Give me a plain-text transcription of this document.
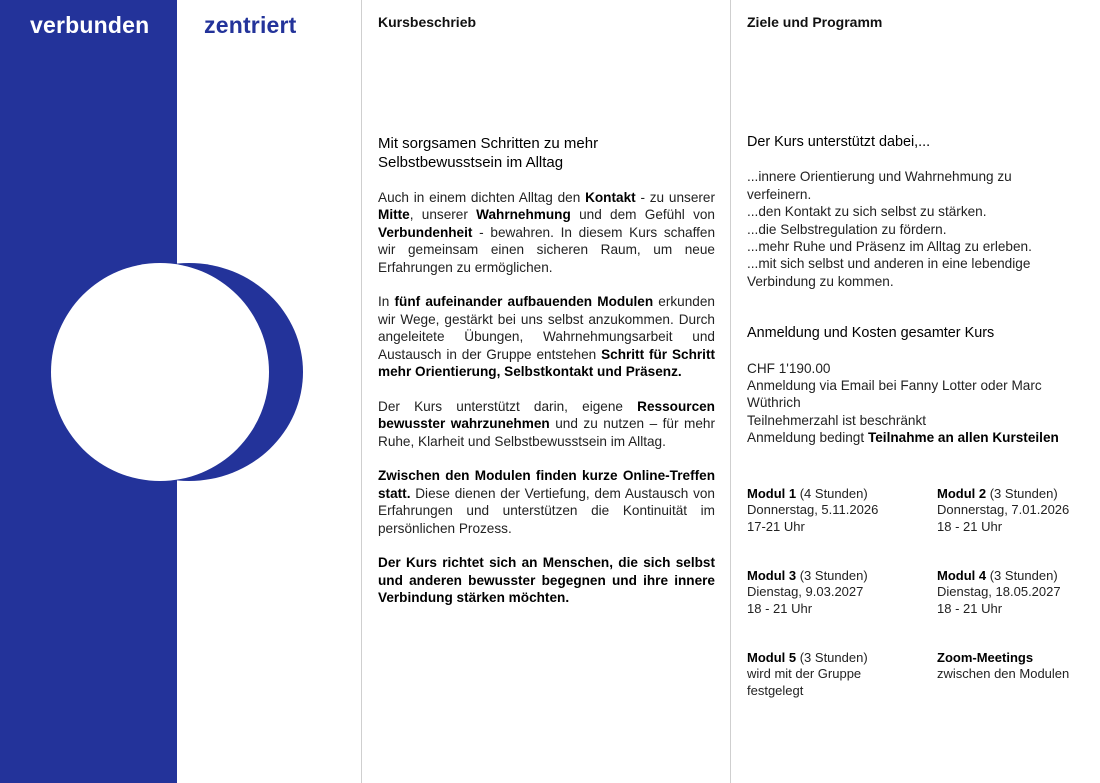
verbunden zentriert	Kursbeschrieb	Ziele und Programm

Mit sorgsamen Schritten zu mehr Selbstbewusstsein im Alltag

Auch in einem dichten Alltag den Kontakt - zu unserer Mitte, unserer Wahrnehmung und dem Gefühl von Verbundenheit - bewahren. In diesem Kurs schaffen wir gemeinsam einen sicheren Raum, um neue Erfahrungen zu ermöglichen.

In fünf aufeinander aufbauenden Modulen erkunden wir Wege, gestärkt bei uns selbst anzukommen. Durch angeleitete Übungen, Wahrnehmungsarbeit und Austausch in der Gruppe entstehen Schritt für Schritt mehr Orientierung, Selbstkontakt und Präsenz.

Der Kurs unterstützt darin, eigene Ressourcen bewusster wahrzunehmen und zu nutzen – für mehr Ruhe, Klarheit und Selbstbewusstsein im Alltag.

Zwischen den Modulen finden kurze Online-Treffen statt. Diese dienen der Vertiefung, dem Austausch von Erfahrungen und unterstützen die Kontinuität im persönlichen Prozess.

Der Kurs richtet sich an Menschen, die sich selbst und anderen bewusster begegnen und ihre innere Verbindung stärken möchten.

Der Kurs unterstützt dabei,...

...innere Orientierung und Wahrnehmung zu verfeinern.
...den Kontakt zu sich selbst zu stärken.
...die Selbstregulation zu fördern.
...mehr Ruhe und Präsenz im Alltag zu erleben.
...mit sich selbst und anderen in eine lebendige Verbindung zu kommen.

Anmeldung und Kosten gesamter Kurs

CHF 1'190.00
Anmeldung via Email bei Fanny Lotter oder Marc Wüthrich
Teilnehmerzahl ist beschränkt
Anmeldung bedingt Teilnahme an allen Kursteilen
Modul 1 (4 Stunden)
Donnerstag, 5.11.2026
17-21 Uhr
Modul 2 (3 Stunden)
Donnerstag, 7.01.2026
18 - 21 Uhr
Modul 3 (3 Stunden)
Dienstag, 9.03.2027
18 - 21 Uhr
Modul 4 (3 Stunden)
Dienstag, 18.05.2027
18 - 21 Uhr
Modul 5 (3 Stunden)
wird mit der Gruppe festgelegt
Zoom-Meetings
zwischen den Modulen
